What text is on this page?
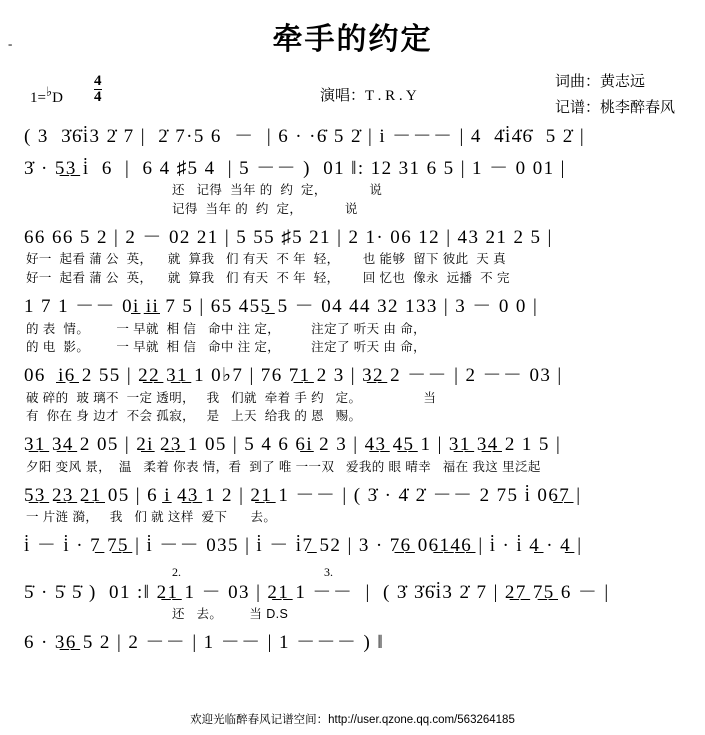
-	牵手的约定
1=♭D $\frac{4}{4}$	演唱：T . R . Y
词曲：黄志远
记谱：桃李醉春风
( 3  3̇6̇i̇3 2̇ 7 |  2̇ 7·5 6  －  | 6 · ·6̇ 5 2̇ | i －－－ | 4  4̇i̇4̇6̇  5 2̇ |
3̇ · 5̲3̲ i̇  6  |  6 4 ♯5 4  | 5 －－ )  01 ‖: 12 31 6 5 | 1 － 0 01 |
还   记得  当年 的  约  定，           说
记得  当年 的  约  定，           说
66 66 5 2 | 2 － 02 21 | 5 55 ♯5 21 | 2 1· 06 12 | 43 21 2 5 |
好一  起看 蒲 公  英，    就  算我   们 有天  不 年  轻，      也 能够  留下 彼此  天 真
好一  起看 蒲 公  英，    就  算我   们 有天  不 年  轻，      回 忆也  像永  远播  不 完
1 7 1 －－ 0i̲ i̲i̲ 7 5 | 65 455̲ 5 － 04 44 32 133 | 3 － 0 0 |
的 表  情。       一 早就  相 信   命中 注 定，        注定了 听天 由 命，
的 电  影。       一 早就  相 信   命中 注 定，        注定了 听天 由 命，
06  i̲6̲ 2 55 | 2̲2̲ 3̲1̲ 1 0♭7 | 76 7̲1̲ 2 3 | 3̲2̲ 2 －－ | 2 －－ 03 |
破 碎的  玻 璃不  一定 透明，   我   们就  牵着 手 约   定。                当
有  你在 身 边才  不会 孤寂，   是   上天  给我 的 恩   赐。
3̲1̲ 3̲4̲ 2 05 | 2̲i̲ 2̲3̲ 1 05 | 5 4 6 6̲i̲ 2 3 | 4̲3̲ 4̲5̲ 1 | 3̲1̲ 3̲4̲ 2 1 5 |
夕阳 变风 景，  温   柔着 你表 情，看  到了 唯 一一双   爱我的 眼 晴幸   福在 我这 里泛起
5̲3̲ 2̲3̲ 2̲1̲ 05 | 6 i̲ 4̲3̲ 1 2 | 2̲1̲ 1 －－ | ( 3̇ · 4̇ 2̇ －－ 2 75 i̇ 06̲7̲ |
一 片涟 漪，   我   们 就 这样  爱下      去。
i̇ － i̇ · 7̲ 7̲5̲ | i̇ －－ 035 | i̇ － i̇7̲ 52 | 3 · 7̲6̲ 06̲1̲4̲6̲ | i̇ · i̇ 4̲ · 4̲ |
2.	3.
5̇ · 5̇ 5̇ )  01 :‖ 2̲1̲ 1 － 03 | 2̲1̲ 1 －－  |  ( 3̇ 3̇6̇i̇3 2̇ 7 | 2̲7̲ 7̲5̲ 6 － |
还   去。       当 D.S
6 · 3̲6̲ 5 2 | 2 －－ | 1 －－ | 1 －－－ ) ‖
欢迎光临醉春风记谱空间：http://user.qzone.qq.com/563264185
